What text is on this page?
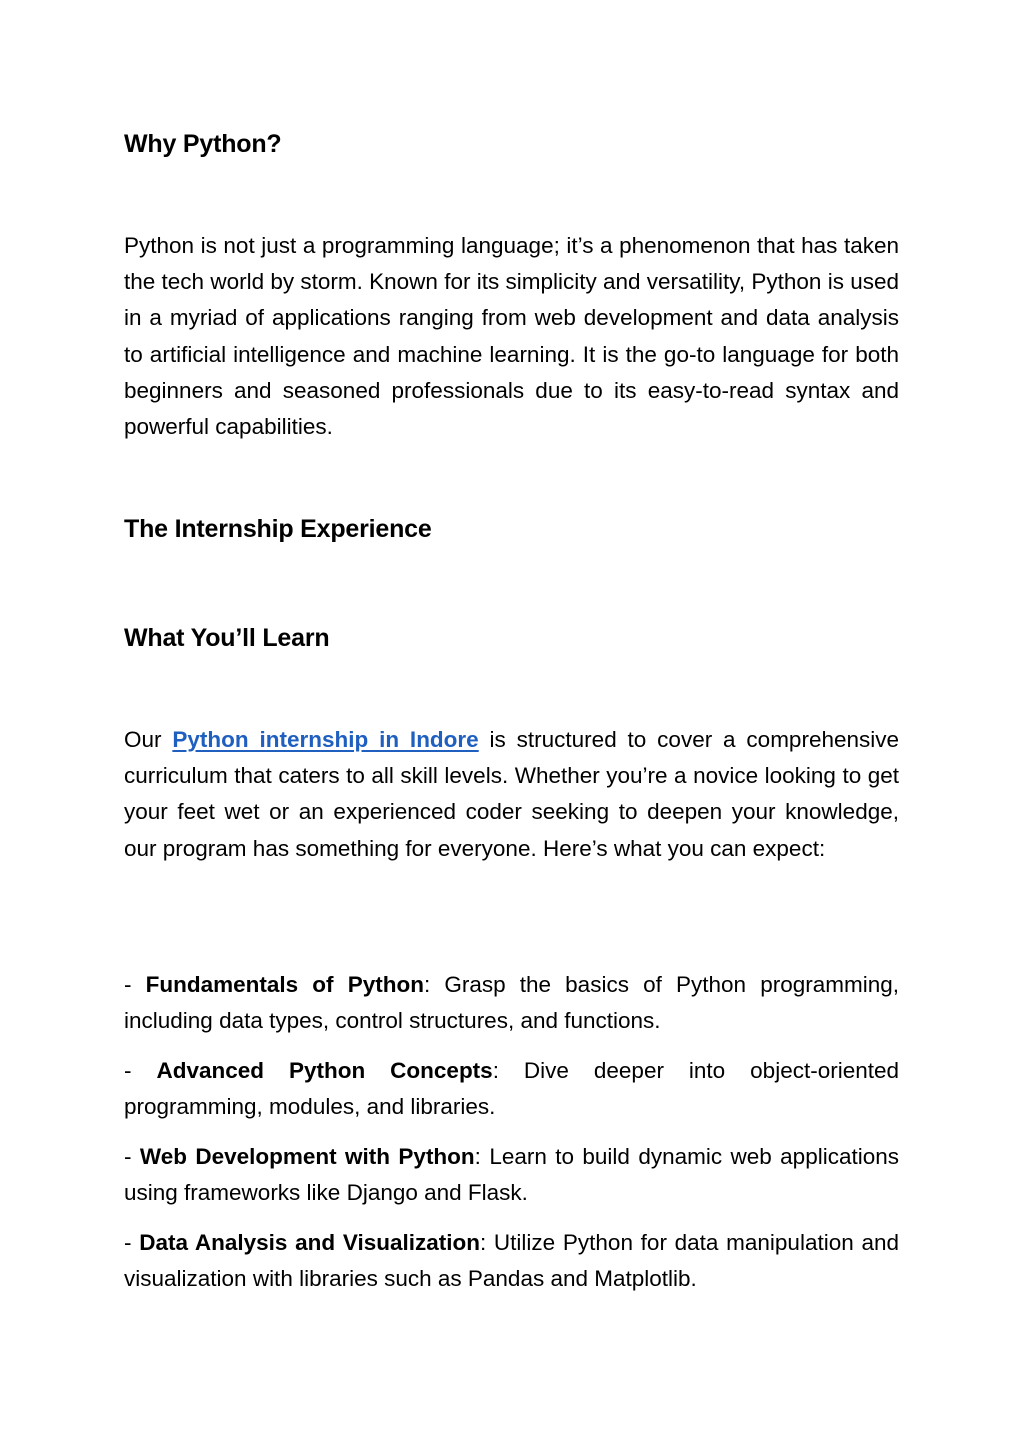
Why Python?

Python is not just a programming language; it’s a phenomenon that has taken the tech world by storm. Known for its simplicity and versatility, Python is used in a myriad of applications ranging from web development and data analysis to artificial intelligence and machine learning. It is the go-to language for both beginners and seasoned professionals due to its easy-to-read syntax and powerful capabilities.

The Internship Experience
What You’ll Learn

Our Python internship in Indore is structured to cover a comprehensive curriculum that caters to all skill levels. Whether you’re a novice looking to get your feet wet or an experienced coder seeking to deepen your knowledge, our program has something for everyone. Here’s what you can expect:

- Fundamentals of Python: Grasp the basics of Python programming, including data types, control structures, and functions.

- Advanced Python Concepts: Dive deeper into object-oriented programming, modules, and libraries.

- Web Development with Python: Learn to build dynamic web applications using frameworks like Django and Flask.

- Data Analysis and Visualization: Utilize Python for data manipulation and visualization with libraries such as Pandas and Matplotlib.
